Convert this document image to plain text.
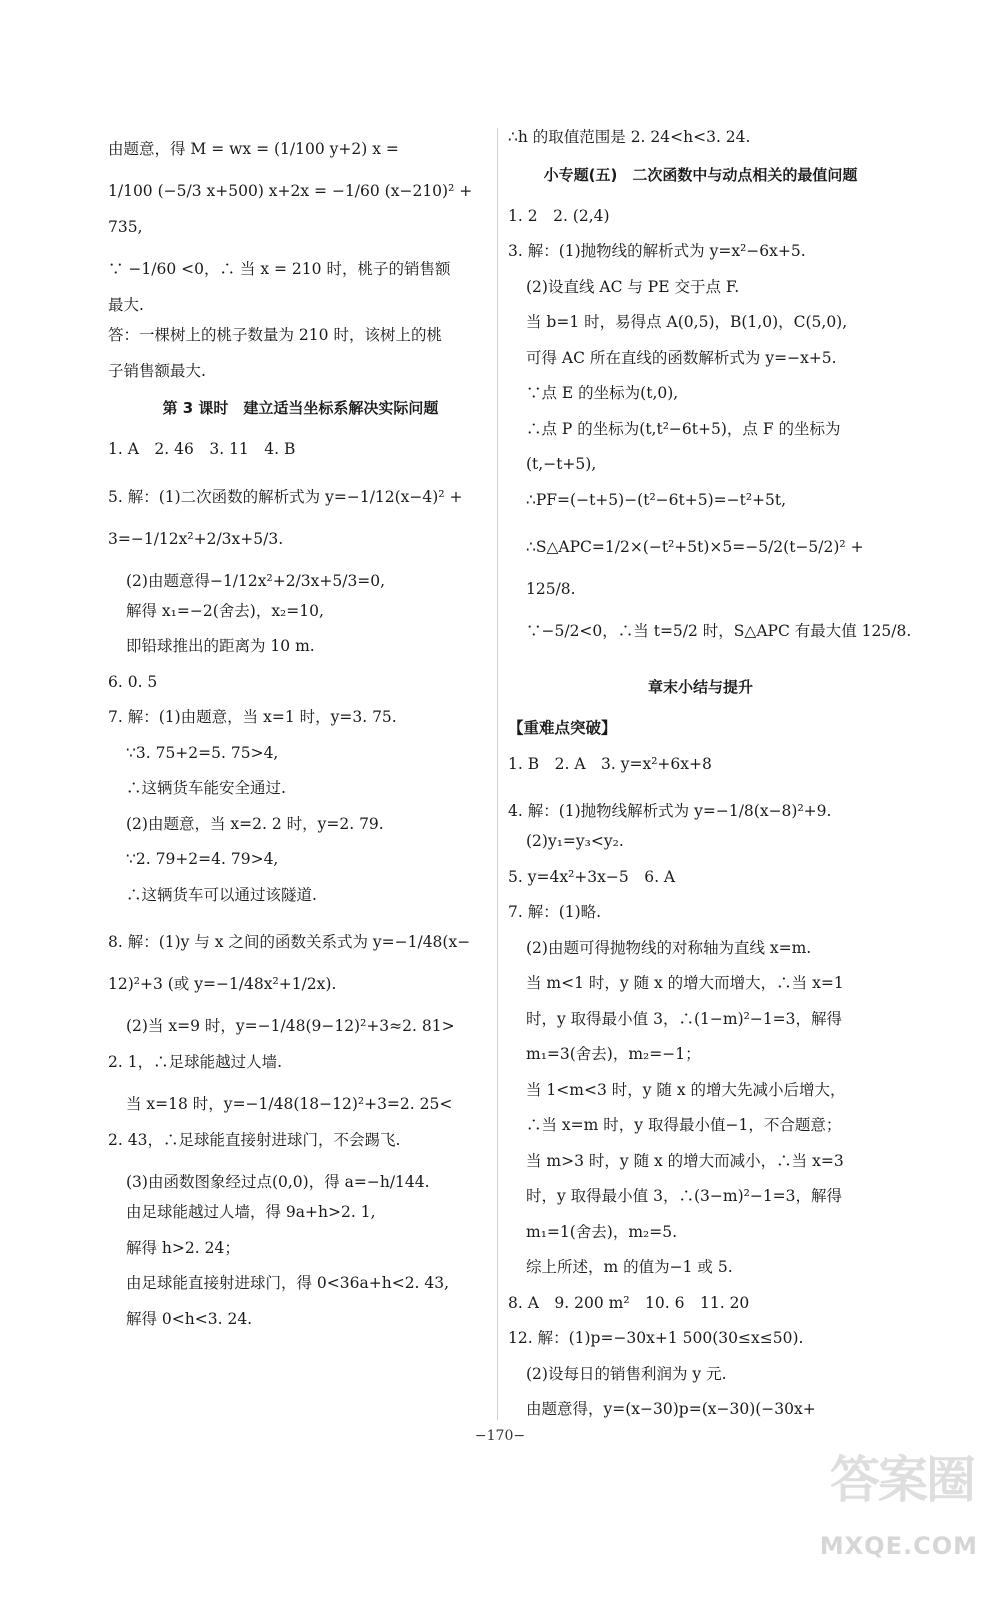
由题意，得 M = wx = (1/100 y+2) x =
1/100 (−5/3 x+500) x+2x = −1/60 (x−210)² +
735,
∵ −1/60 <0，∴ 当 x = 210 时，桃子的销售额
最大.
答：一棵树上的桃子数量为 210 时，该树上的桃
子销售额最大.
第 3 课时　建立适当坐标系解决实际问题
1. A　2. 46　3. 11　4. B
5. 解：(1)二次函数的解析式为 y=−1/12(x−4)² +
3=−1/12x²+2/3x+5/3.
(2)由题意得−1/12x²+2/3x+5/3=0,
解得 x₁=−2(舍去)，x₂=10,
即铅球推出的距离为 10 m.
6. 0. 5
7. 解：(1)由题意，当 x=1 时，y=3. 75.
∵3. 75+2=5. 75>4,
∴这辆货车能安全通过.
(2)由题意，当 x=2. 2 时，y=2. 79.
∵2. 79+2=4. 79>4,
∴这辆货车可以通过该隧道.
8. 解：(1)y 与 x 之间的函数关系式为 y=−1/48(x−
12)²+3 (或 y=−1/48x²+1/2x).
(2)当 x=9 时，y=−1/48(9−12)²+3≈2. 81>
2. 1，∴足球能越过人墙.
当 x=18 时，y=−1/48(18−12)²+3=2. 25<
2. 43，∴足球能直接射进球门，不会踢飞.
(3)由函数图象经过点(0,0)，得 a=−h/144.
由足球能越过人墙，得 9a+h>2. 1,
解得 h>2. 24；
由足球能直接射进球门，得 0<36a+h<2. 43,
解得 0<h<3. 24.
∴h 的取值范围是 2. 24<h<3. 24.
小专题(五)　二次函数中与动点相关的最值问题
1. 2　2. (2,4)
3. 解：(1)抛物线的解析式为 y=x²−6x+5.
(2)设直线 AC 与 PE 交于点 F.
当 b=1 时，易得点 A(0,5)，B(1,0)，C(5,0),
可得 AC 所在直线的函数解析式为 y=−x+5.
∵点 E 的坐标为(t,0),
∴点 P 的坐标为(t,t²−6t+5)，点 F 的坐标为
(t,−t+5),
∴PF=(−t+5)−(t²−6t+5)=−t²+5t,
∴S△APC=1/2×(−t²+5t)×5=−5/2(t−5/2)² +
125/8.
∵−5/2<0，∴当 t=5/2 时，S△APC 有最大值 125/8.
章末小结与提升
【重难点突破】
1. B　2. A　3. y=x²+6x+8
4. 解：(1)抛物线解析式为 y=−1/8(x−8)²+9.
(2)y₁=y₃<y₂.
5. y=4x²+3x−5　6. A
7. 解：(1)略.
(2)由题可得抛物线的对称轴为直线 x=m.
当 m<1 时，y 随 x 的增大而增大，∴当 x=1
时，y 取得最小值 3，∴(1−m)²−1=3，解得
m₁=3(舍去)，m₂=−1；
当 1<m<3 时，y 随 x 的增大先减小后增大，
∴当 x=m 时，y 取得最小值−1，不合题意；
当 m>3 时，y 随 x 的增大而减小，∴当 x=3
时，y 取得最小值 3，∴(3−m)²−1=3，解得
m₁=1(舍去)，m₂=5.
综上所述，m 的值为−1 或 5.
8. A　9. 200 m²　10. 6　11. 20
12. 解：(1)p=−30x+1 500(30≤x≤50).
(2)设每日的销售利润为 y 元.
由题意得，y=(x−30)p=(x−30)(−30x+
−170−
答案圈
MXQE.COM
